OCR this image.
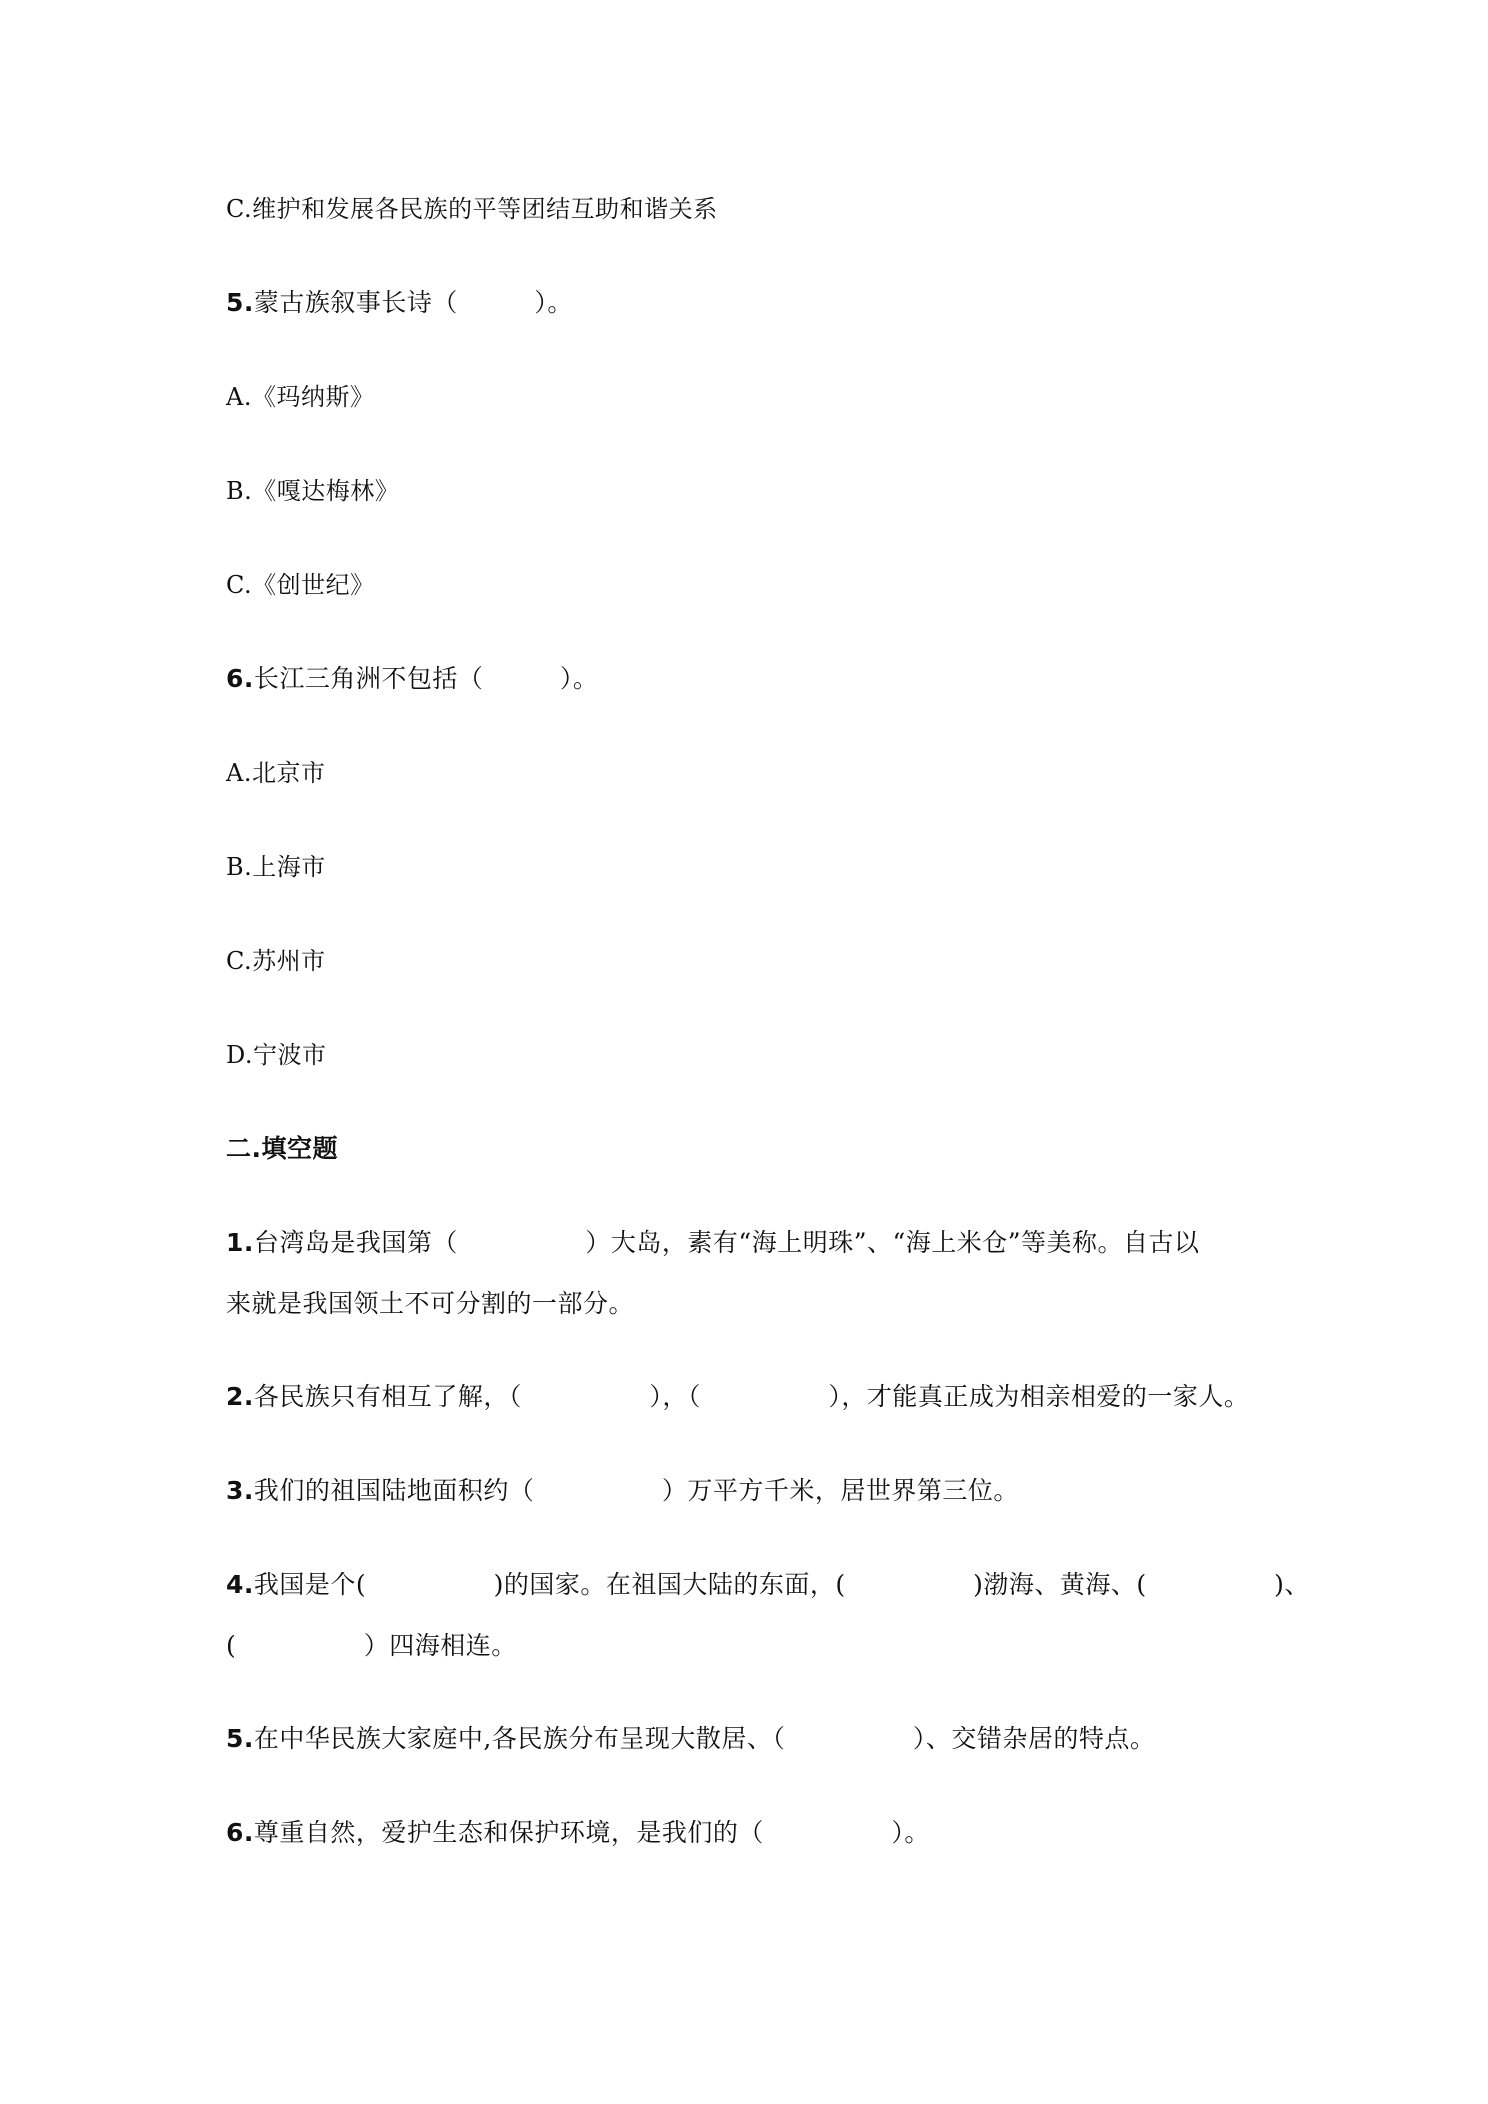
C.维护和发展各民族的平等团结互助和谐关系
5.蒙古族叙事长诗（　　　）。
A.《玛纳斯》
B.《嘎达梅林》
C.《创世纪》
6.长江三角洲不包括（　　　）。
A.北京市
B.上海市
C.苏州市
D.宁波市
二.填空题
1.台湾岛是我国第（　　　　　）大岛，素有“海上明珠”、“海上米仓”等美称。自古以
来就是我国领土不可分割的一部分。
2.各民族只有相互了解，（　　　　　），（　　　　　），才能真正成为相亲相爱的一家人。
3.我们的祖国陆地面积约（　　　　　）万平方千米，居世界第三位。
4.我国是个(　　　　　)的国家。在祖国大陆的东面，(　　　　　)渤海、黄海、(　　　　　)、
(　　　　　）四海相连。
5.在中华民族大家庭中,各民族分布呈现大散居、（　　　　　）、交错杂居的特点。
6.尊重自然，爱护生态和保护环境，是我们的（　　　　　）。
